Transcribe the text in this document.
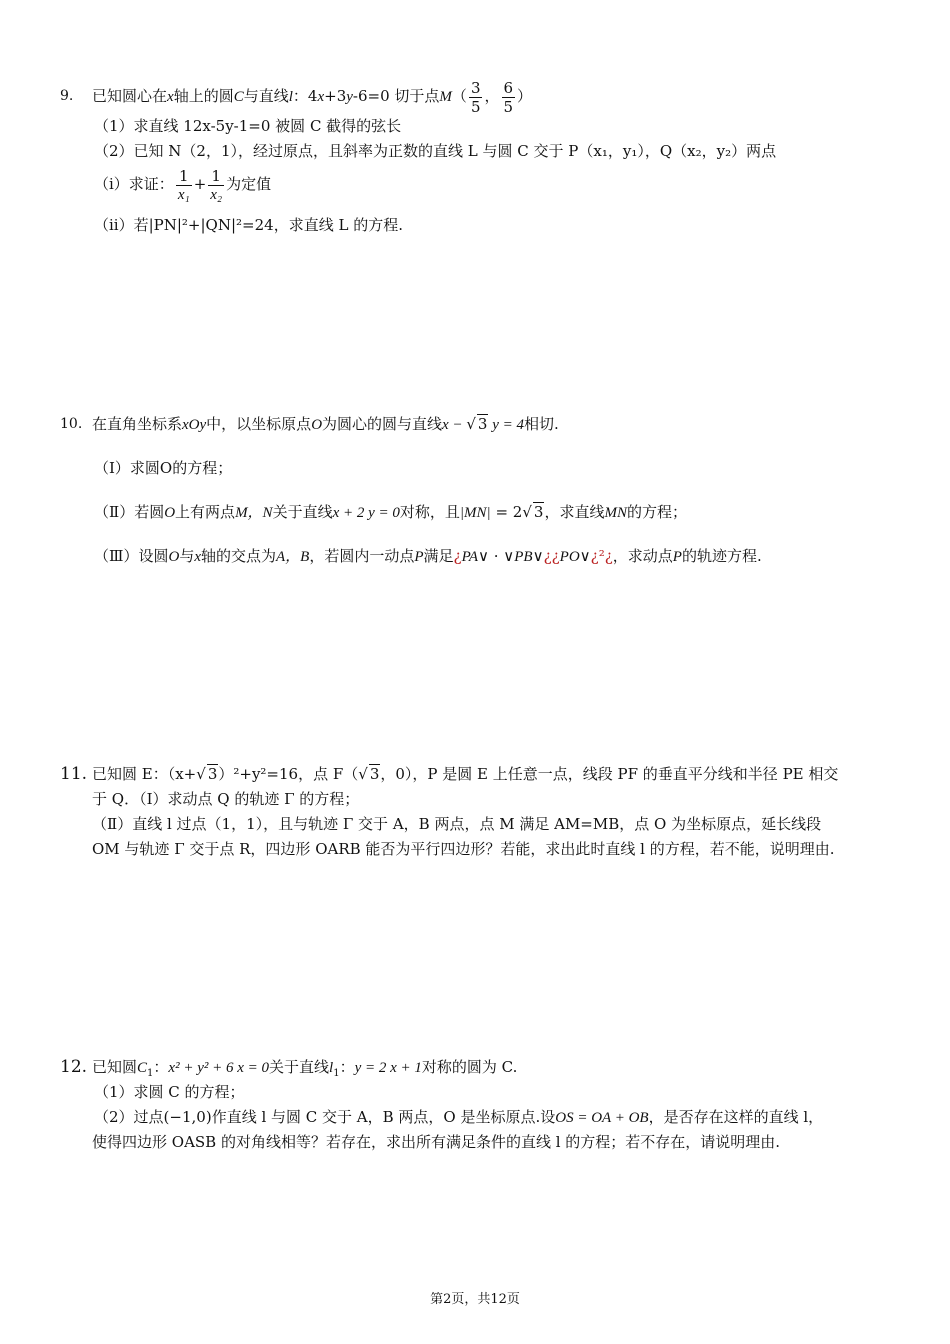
9. 已知圆心在x轴上的圆C与直线l：4x+3y-6=0 切于点$M( \frac{3}{5}$ ， $\frac{6}{5}$ ）
（1）求直线 12x-5y-1=0 被圆 C 截得的弦长
（2）已知 N（2，1），经过原点，且斜率为正数的直线 L 与圆 C 交于 P（x₁，y₁），Q（x₂，y₂）两点
（i）求证： $\frac{1}{\text{x₁}} + \frac{1}{\text{x₂}}$ 为定值
（ii）若|PN|²+|QN|²=24，求直线 L 的方程.
10. 在直角坐标系xOy中，以坐标原点O为圆心的圆与直线x − √ 3 y = 4相切.
（Ⅰ）求圆O的方程；
（Ⅱ）若圆O上有两点M，N关于直线x + 2 y = 0对称，且|MN| = 2√ 3，求直线MN的方程；
（Ⅲ）设圆O与x轴的交点为A，B，若圆内一动点P满足¿PA∨ · ∨PB∨¿¿PO∨¿²¿，求动点P的轨迹方程.
11. 已知圆 E：（x+√ 3）²+y²=16，点 F（√ 3，0），P 是圆 E 上任意一点，线段 PF 的垂直平分线和半径 PE 相交
于 Q．（Ⅰ）求动点 Q 的轨迹 Γ 的方程；
（Ⅱ）直线 l 过点（1，1），且与轨迹 Γ 交于 A，B 两点，点 M 满足 AM=MB，点 O 为坐标原点，延长线段
OM 与轨迹 Γ 交于点 R，四边形 OARB 能否为平行四边形？若能，求出此时直线 l 的方程，若不能，说明理由.
12. 已知圆$C_1$：x² + y² + 6 x = 0关于直线$l_1$：y = 2 x + 1对称的圆为 C.
（1）求圆 C 的方程；
（2）过点(−1,0)作直线 l 与圆 C 交于 A，B 两点，O 是坐标原点.设OS = OA + OB，是否存在这样的直线 l，
使得四边形 OASB 的对角线相等？若存在，求出所有满足条件的直线 l 的方程；若不存在，请说明理由.
第2页，共12页
